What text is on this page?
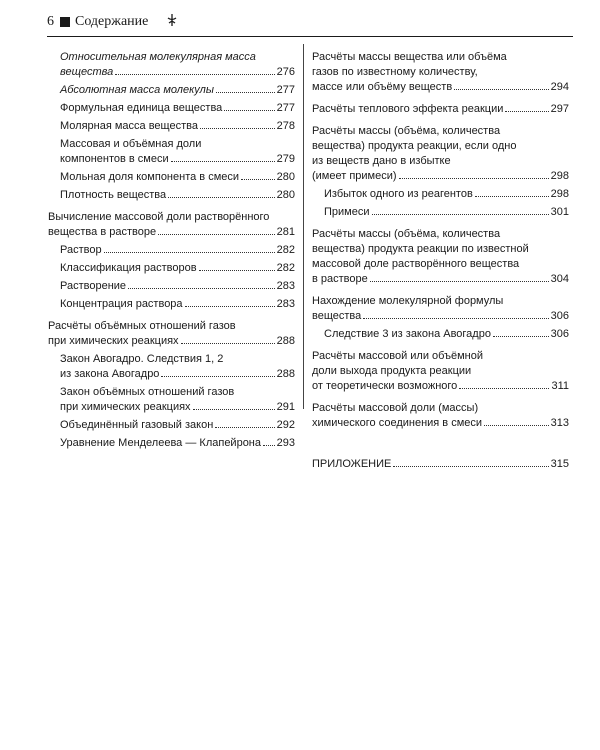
6 Содержание
Относительная молекулярная масса
вещества	276
Абсолютная масса молекулы	277
Формульная единица вещества	277
Молярная масса вещества	278
Массовая и объёмная доли
компонентов в смеси	279
Мольная доля компонента в смеси	280
Плотность вещества	280
Вычисление массовой доли растворённого
вещества в растворе	281
Раствор	282
Классификация растворов	282
Растворение	283
Концентрация раствора	283
Расчёты объёмных отношений газов
при химических реакциях	288
Закон Авогадро. Следствия 1, 2
из закона Авогадро	288
Закон объёмных отношений газов
при химических реакциях	291
Объединённый газовый закон	292
Уравнение Менделеева — Клапейрона 293
Расчёты массы вещества или объёма
газов по известному количеству,
массе или объёму веществ	294
Расчёты теплового эффекта реакции	297
Расчёты массы (объёма, количества
вещества) продукта реакции, если одно
из веществ дано в избытке
(имеет примеси)	298
Избыток одного из реагентов	298
Примеси	301
Расчёты массы (объёма, количества
вещества) продукта реакции по известной
массовой доле растворённого вещества
в растворе	304
Нахождение молекулярной формулы
вещества	306
Следствие 3 из закона Авогадро	306
Расчёты массовой или объёмной
доли выхода продукта реакции
от теоретически возможного	311
Расчёты массовой доли (массы)
химического соединения в смеси	313
ПРИЛОЖЕНИЕ	315
